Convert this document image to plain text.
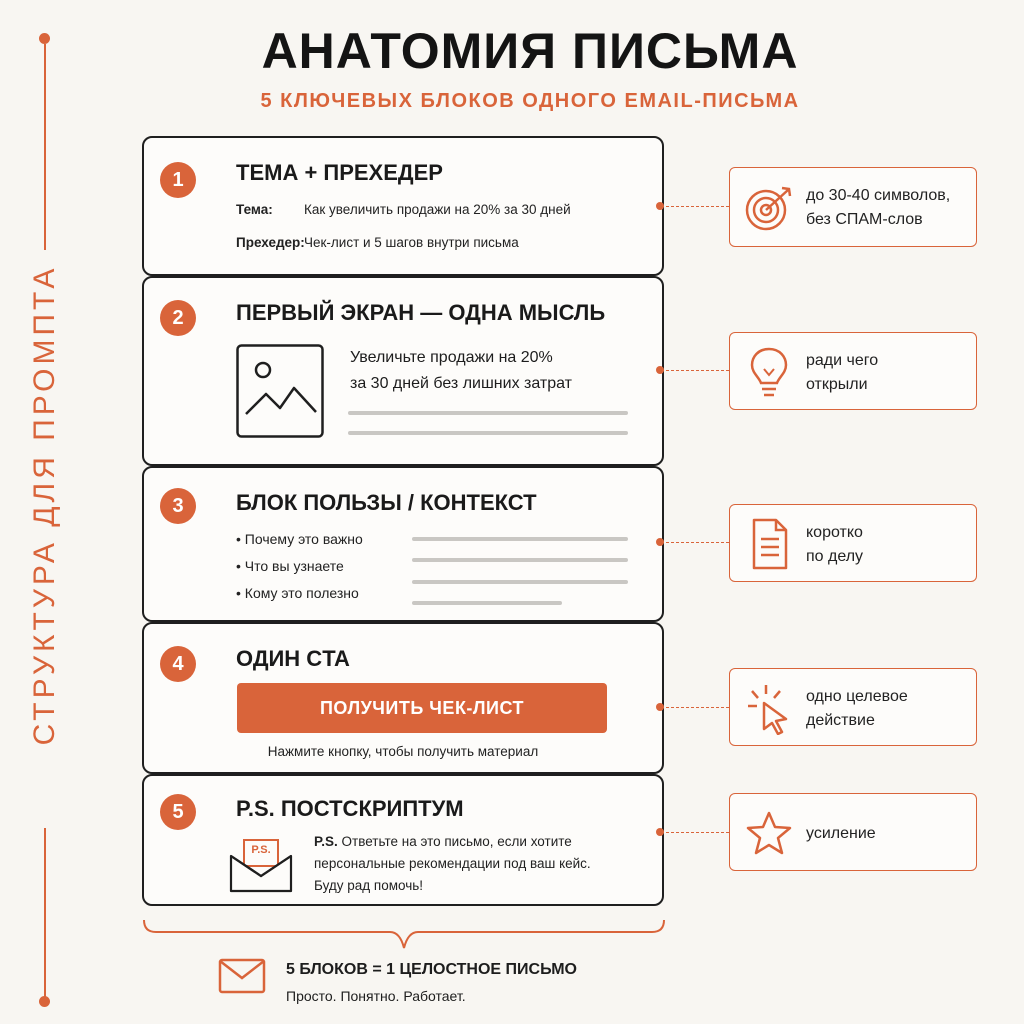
СТРУКТУРА ДЛЯ ПРОМПТА
АНАТОМИЯ ПИСЬМА
5 КЛЮЧЕВЫХ БЛОКОВ ОДНОГО EMAIL-ПИСЬМА
1	ТЕМА + ПРЕХЕДЕР
Тема: Как увеличить продажи на 20% за 30 дней
Прехедер: Чек-лист и 5 шагов внутри письма
2	ПЕРВЫЙ ЭКРАН — ОДНА МЫСЛЬ
Увеличьте продажи на 20%
за 30 дней без лишних затрат
3	БЛОК ПОЛЬЗЫ / КОНТЕКСТ
• Почему это важно
• Что вы узнаете
• Кому это полезно
4	ОДИН CTA
ПОЛУЧИТЬ ЧЕК-ЛИСТ
Нажмите кнопку, чтобы получить материал
5	P.S. ПОСТСКРИПТУМ
P.S.
P.S. Ответьте на это письмо, если хотите
персональные рекомендации под ваш кейс.
Буду рад помочь!
до 30-40 символов,
без СПАМ-слов
ради чего
открыли
коротко
по делу
одно целевое
действие
усиление
5 БЛОКОВ = 1 ЦЕЛОСТНОЕ ПИСЬМО
Просто. Понятно. Работает.
